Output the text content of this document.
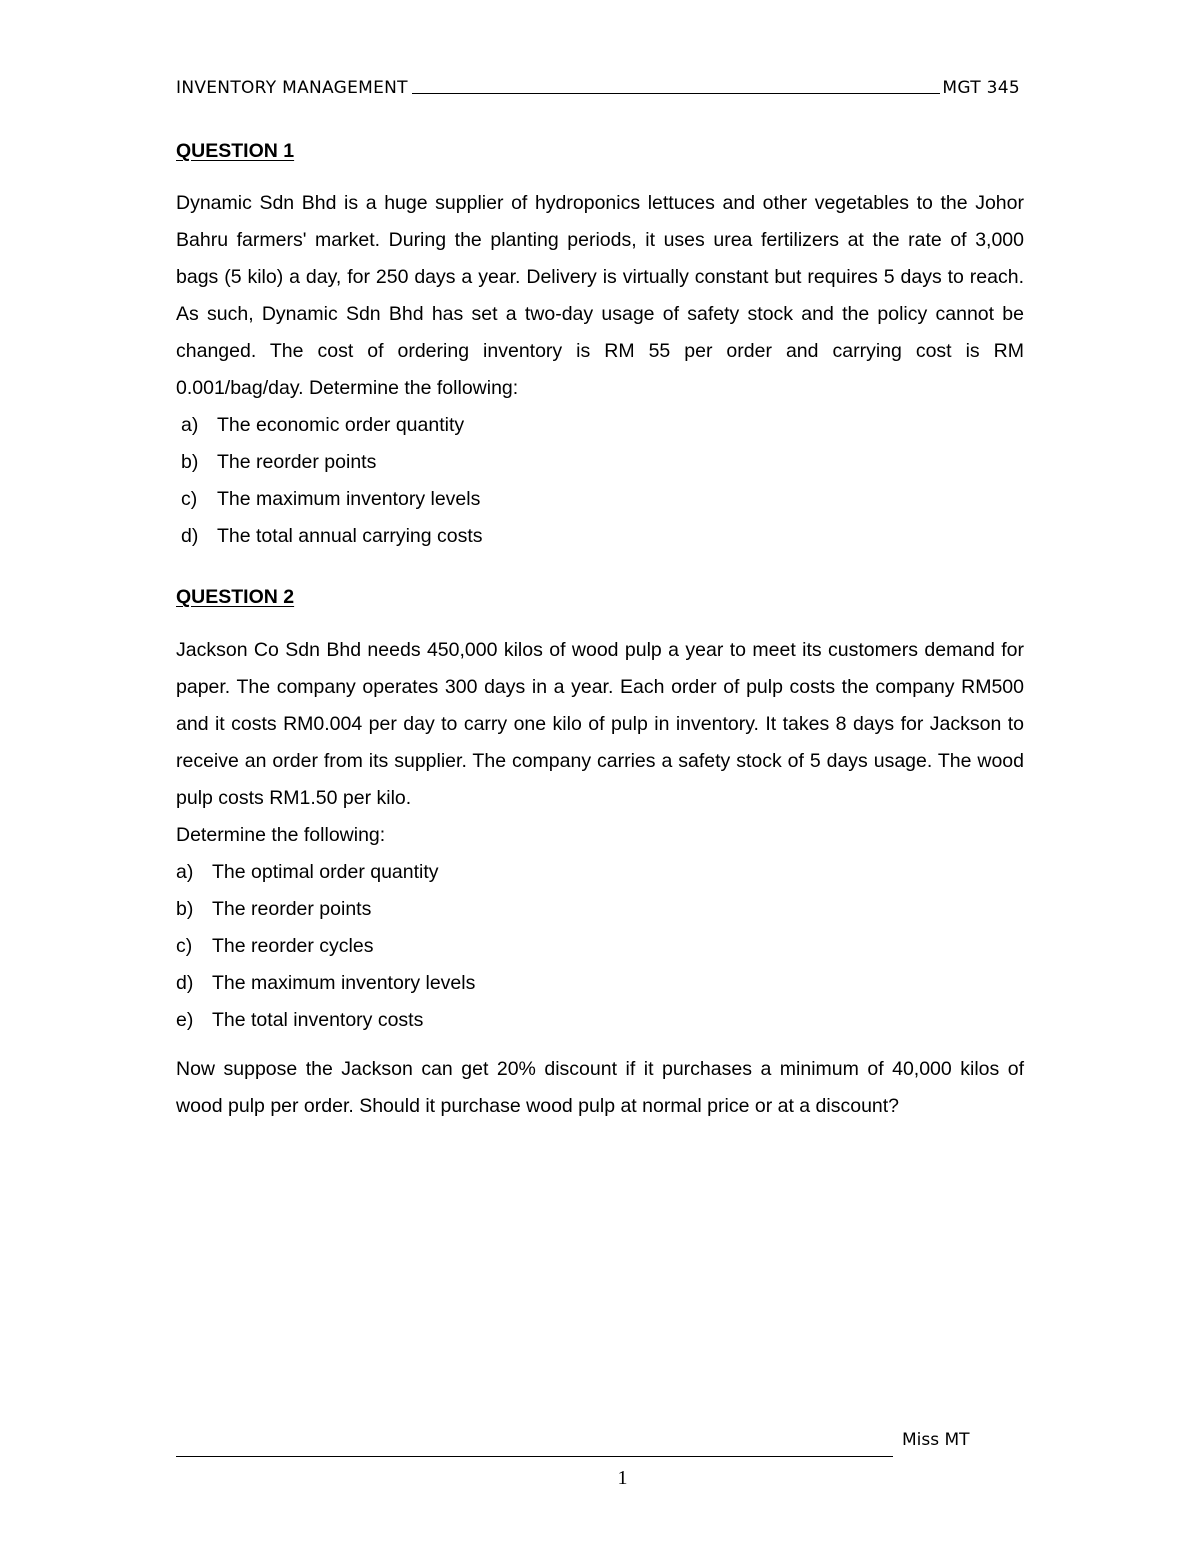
INVENTORY MANAGEMENT	MGT 345
QUESTION 1

Dynamic Sdn Bhd is a huge supplier of hydroponics lettuces and other vegetables to the Johor Bahru farmers' market. During the planting periods, it uses urea fertilizers at the rate of 3,000 bags (5 kilo) a day, for 250 days a year. Delivery is virtually constant but requires 5 days to reach. As such, Dynamic Sdn Bhd has set a two-day usage of safety stock and the policy cannot be changed. The cost of ordering inventory is RM 55 per order and carrying cost is RM 0.001/bag/day. Determine the following:

a) The economic order quantity
b) The reorder points
c)	The maximum inventory levels
d) The total annual carrying costs
QUESTION 2

Jackson Co Sdn Bhd needs 450,000 kilos of wood pulp a year to meet its customers demand for paper. The company operates 300 days in a year. Each order of pulp costs the company RM500 and it costs RM0.004 per day to carry one kilo of pulp in inventory. It takes 8 days for Jackson to receive an order from its supplier. The company carries a safety stock of 5 days usage. The wood pulp costs RM1.50 per kilo.

Determine the following:

a) The optimal order quantity
b) The reorder points
c)	The reorder cycles
d) The maximum inventory levels
e) The total inventory costs

Now suppose the Jackson can get 20% discount if it purchases a minimum of 40,000 kilos of wood pulp per order. Should it purchase wood pulp at normal price or at a discount?

Miss MT
1
